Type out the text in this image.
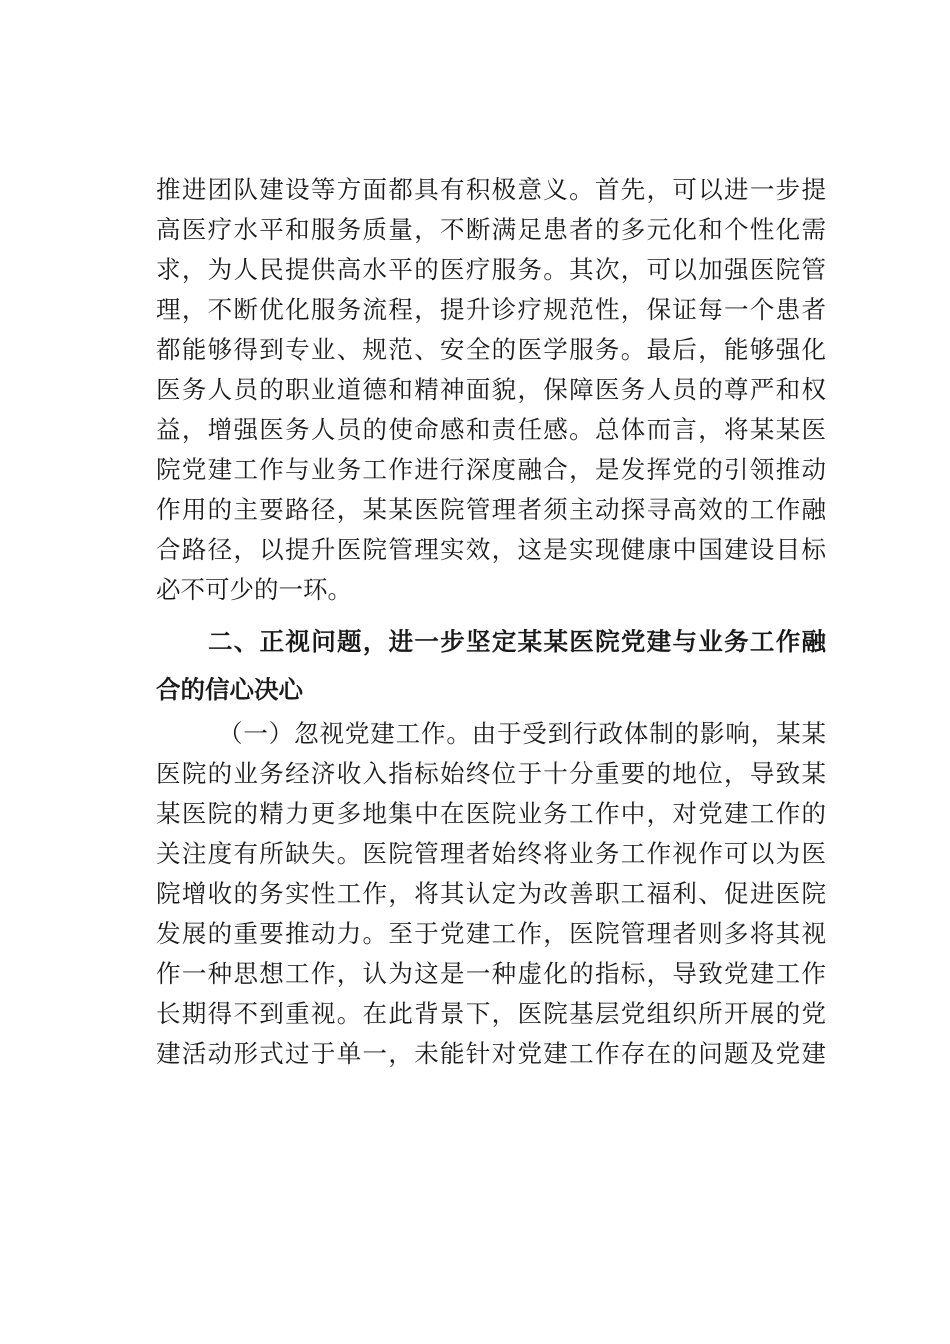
推进团队建设等方面都具有积极意义。首先，可以进一步提
高医疗水平和服务质量，不断满足患者的多元化和个性化需
求，为人民提供高水平的医疗服务。其次，可以加强医院管
理，不断优化服务流程，提升诊疗规范性，保证每一个患者
都能够得到专业、规范、安全的医学服务。最后，能够强化
医务人员的职业道德和精神面貌，保障医务人员的尊严和权
益，增强医务人员的使命感和责任感。总体而言，将某某医
院党建工作与业务工作进行深度融合，是发挥党的引领推动
作用的主要路径，某某医院管理者须主动探寻高效的工作融
合路径，以提升医院管理实效，这是实现健康中国建设目标
必不可少的一环。
二、正视问题，进一步坚定某某医院党建与业务工作融
合的信心决心
（一）忽视党建工作。由于受到行政体制的影响，某某
医院的业务经济收入指标始终位于十分重要的地位，导致某
某医院的精力更多地集中在医院业务工作中，对党建工作的
关注度有所缺失。医院管理者始终将业务工作视作可以为医
院增收的务实性工作，将其认定为改善职工福利、促进医院
发展的重要推动力。至于党建工作，医院管理者则多将其视
作一种思想工作，认为这是一种虚化的指标，导致党建工作
长期得不到重视。在此背景下，医院基层党组织所开展的党
建活动形式过于单一，未能针对党建工作存在的问题及党建
